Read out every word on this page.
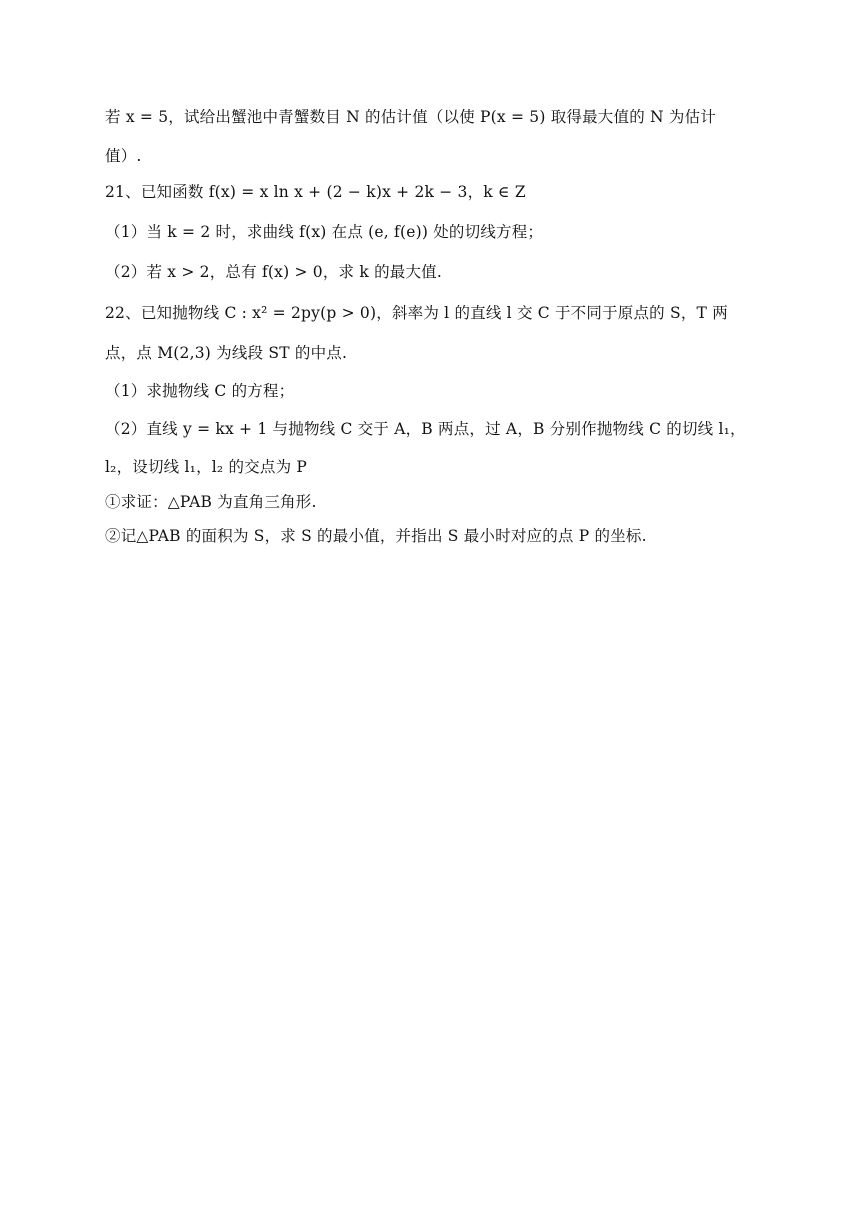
若 x = 5，试给出蟹池中青蟹数目 N 的估计值（以使 P(x = 5) 取得最大值的 N 为估计
值）.
21、已知函数 f(x) = x ln x + (2 − k)x + 2k − 3，k ∈ Z
（1）当 k = 2 时，求曲线 f(x) 在点 (e, f(e)) 处的切线方程；
（2）若 x > 2，总有 f(x) > 0，求 k 的最大值.
22、已知抛物线 C : x² = 2py(p > 0)，斜率为 l 的直线 l 交 C 于不同于原点的 S，T 两
点，点 M(2,3) 为线段 ST 的中点.
（1）求抛物线 C 的方程；
（2）直线 y = kx + 1 与抛物线 C 交于 A，B 两点，过 A，B 分别作抛物线 C 的切线 l₁，
l₂，设切线 l₁，l₂ 的交点为 P
①求证：△PAB 为直角三角形.
②记△PAB 的面积为 S，求 S 的最小值，并指出 S 最小时对应的点 P 的坐标.
